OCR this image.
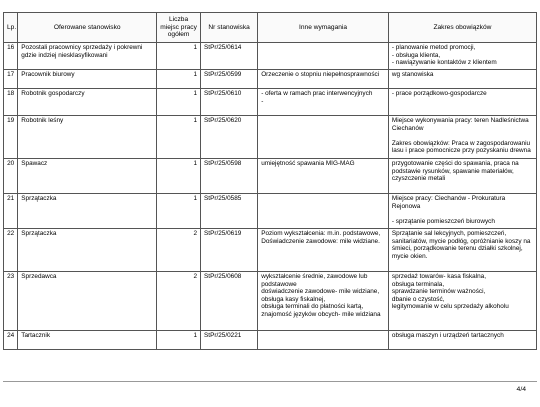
Lp.	Oferowane stanowisko	Liczba miejsc pracy ogółem	Nr stanowiska	Inne wymagania	Zakres obowiązków
16	Pozostali pracownicy sprzedaży i pokrewni gdzie indziej niesklasyfikowani	1	StPr/25/0614		- planowanie metod promocji,
- obsługa klienta,
- nawiązywanie kontaktów z klientem
17	Pracownik biurowy	1	StPr/25/0599	Orzeczenie o stopniu niepełnosprawności	wg stanowiska
18	Robotnik gospodarczy	1	StPr/25/0610	- oferta w ramach prac interwencyjnych
-	- prace porządkowo-gospodarcze
19	Robotnik leśny	1	StPr/25/0620		Miejsce wykonywania pracy: teren Nadleśnictwa Ciechanów

Zakres obowiązków: Praca w zagospodarowaniu lasu i prace pomocnicze przy pozyskaniu drewna

20	Spawacz	1	StPr/25/0598	umiejętność spawania MIG-MAG	przygotowanie części do spawania, praca na podstawie rysunków, spawanie materiałów, czyszczenie metali
21	Sprzątaczka	1	StPr/25/0585		Miejsce pracy: Ciechanów - Prokuratura Rejonowa

- sprzątanie pomieszczeń biurowych

22	Sprzątaczka	2	StPr/25/0619	Poziom wykształcenia: m.in. podstawowe,
Doświadczenie zawodowe: mile widziane.	Sprzątanie sal lekcyjnych, pomieszczeń, sanitariatów, mycie podłóg, opróżnianie koszy na śmieci, porządkowanie terenu działki szkolnej, mycie okien.
23	Sprzedawca	2	StPr/25/0608	wykształcenie średnie, zawodowe lub podstawowe
doświadczenie zawodowe- mile widziane,
obsługa kasy fiskalnej,
obsługa terminali do płatności kartą,
znajomość języków obcych- mile widziana	sprzedaż towarów- kasa fiskalna,
obsługa terminala,
sprawdzanie terminów ważności,
dbanie o czystość,
legitymowanie w celu sprzedaży alkoholu
24	Tartacznik	1	StPr/25/0221		obsługa maszyn i urządzeń tartacznych
4/4
